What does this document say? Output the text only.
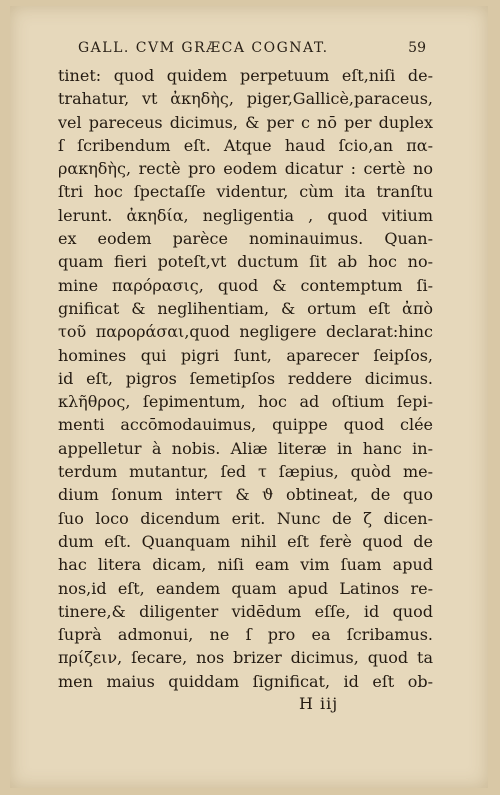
GALL. CVM GRÆCA COGNAT.	59
tinet: quod quidem perpetuum eſt,niſi de-
trahatur, vt ἀκηδὴς, piger,Gallicè,paraceus,
vel pareceus dicimus, & per c nō per duplex
ſ ſcribendum eſt. Atque haud ſcio,an πα-
ρακηδὴς, rectè pro eodem dicatur : certè no
ſtri hoc ſpectaſſe videntur, cùm ita tranſtu
lerunt. ἀκηδία, negligentia , quod vitium
ex eodem parèce nominauimus. Quan-
quam fieri poteſt,vt ductum ſit ab hoc no-
mine παρόρασις, quod & contemptum ſi-
gnificat & neglihentiam, & ortum eſt ἀπὸ
τοῦ παροράσαι,quod negligere declarat:hinc
homines qui pigri ſunt, aparecer ſeipſos,
id eſt, pigros ſemetipſos reddere dicimus.
κλῆθρος, ſepimentum, hoc ad oſtium ſepi-
menti accōmodauimus, quippe quod clée
appelletur à nobis. Aliæ literæ in hanc in-
terdum mutantur, ſed τ ſæpius, quòd me-
dium ſonum interτ & ϑ obtineat, de quo
ſuo loco dicendum erit. Nunc de ζ dicen-
dum eſt. Quanquam nihil eſt ferè quod de
hac litera dicam, niſi eam vim ſuam apud
nos,id eſt, eandem quam apud Latinos re-
tinere,& diligenter vidēdum eſſe, id quod
ſuprà admonui, ne ſ pro ea ſcribamus.
πρίζειν, ſecare, nos brizer dicimus, quod ta
men maius quiddam ſignificat, id eſt ob-
H iij
